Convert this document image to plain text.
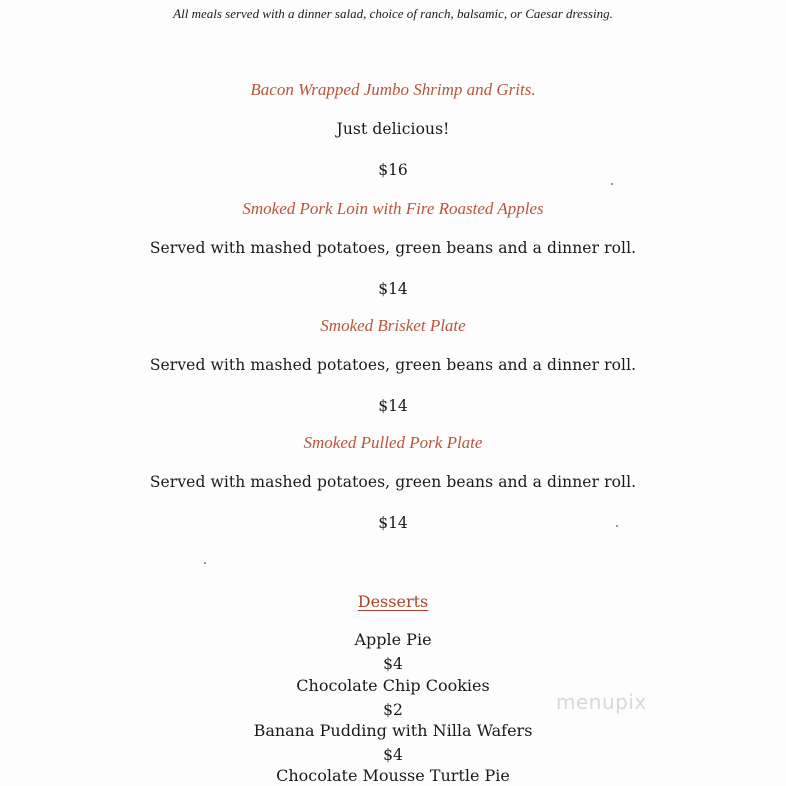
All meals served with a dinner salad, choice of ranch, balsamic, or Caesar dressing.
Bacon Wrapped Jumbo Shrimp and Grits.
Just delicious!
$16
Smoked Pork Loin with Fire Roasted Apples
Served with mashed potatoes, green beans and a dinner roll.
$14
Smoked Brisket Plate
Served with mashed potatoes, green beans and a dinner roll.
$14
Smoked Pulled Pork Plate
Served with mashed potatoes, green beans and a dinner roll.
$14
Desserts
Apple Pie
$4
Chocolate Chip Cookies
$2
Banana Pudding with Nilla Wafers
$4
Chocolate Mousse Turtle Pie
menupix
